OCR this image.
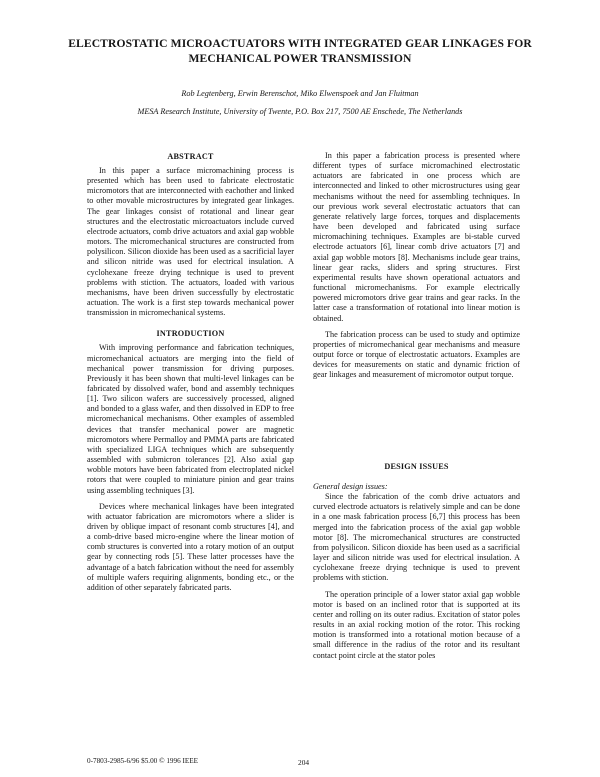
ELECTROSTATIC MICROACTUATORS WITH INTEGRATED GEAR LINKAGES FOR MECHANICAL POWER TRANSMISSION
Rob Legtenberg, Erwin Berenschot, Miko Elwenspoek and Jan Fluitman
MESA Research Institute, University of Twente, P.O. Box 217, 7500 AE Enschede, The Netherlands
ABSTRACT

In this paper a surface micromachining process is presented which has been used to fabricate electrostatic micromotors that are interconnected with eachother and linked to other movable microstructures by integrated gear linkages. The gear linkages consist of rotational and linear gear structures and the electrostatic microactuators include curved electrode actuators, comb drive actuators and axial gap wobble motors. The micromechanical structures are constructed from polysilicon. Silicon dioxide has been used as a sacrificial layer and silicon nitride was used for electrical insulation. A cyclohexane freeze drying technique is used to prevent problems with stiction. The actuators, loaded with various mechanisms, have been driven successfully by electrostatic actuation. The work is a first step towards mechanical power transmission in micromechanical systems.

INTRODUCTION

With improving performance and fabrication techniques, micromechanical actuators are merging into the field of mechanical power transmission for driving purposes. Previously it has been shown that multi-level linkages can be fabricated by dissolved wafer, bond and assembly techniques [1]. Two silicon wafers are successively processed, aligned and bonded to a glass wafer, and then dissolved in EDP to free micromechanical mechanisms. Other examples of assembled devices that transfer mechanical power are magnetic micromotors where Permalloy and PMMA parts are fabricated with specialized LIGA techniques which are subsequently assembled with submicron tolerances [2]. Also axial gap wobble motors have been fabricated from electroplated nickel rotors that were coupled to miniature pinion and gear trains using assembling techniques [3].

Devices where mechanical linkages have been integrated with actuator fabrication are micromotors where a slider is driven by oblique impact of resonant comb structures [4], and a comb-drive based micro-engine where the linear motion of comb structures is converted into a rotary motion of an output gear by connecting rods [5]. These latter processes have the advantage of a batch fabrication without the need for assembly of multiple wafers requiring alignments, bonding etc., or the addition of other separately fabricated parts.

In this paper a fabrication process is presented where different types of surface micromachined electrostatic actuators are fabricated in one process which are interconnected and linked to other microstructures using gear mechanisms without the need for assembling techniques. In our previous work several electrostatic actuators that can generate relatively large forces, torques and displacements have been developed and fabricated using surface micromachining techniques. Examples are bi-stable curved electrode actuators [6], linear comb drive actuators [7] and axial gap wobble motors [8]. Mechanisms include gear trains, linear gear racks, sliders and spring structures. First experimental results have shown operational actuators and functional micromechanisms. For example electrically powered micromotors drive gear trains and gear racks. In the latter case a transformation of rotational into linear motion is obtained.

The fabrication process can be used to study and optimize properties of micromechanical gear mechanisms and measure output force or torque of electrostatic actuators. Examples are devices for measurements on static and dynamic friction of gear linkages and measurement of micromotor output torque.

DESIGN ISSUES
General design issues:

Since the fabrication of the comb drive actuators and curved electrode actuators is relatively simple and can be done in a one mask fabrication process [6,7] this process has been merged into the fabrication process of the axial gap wobble motor [8]. The micromechanical structures are constructed from polysilicon. Silicon dioxide has been used as a sacrificial layer and silicon nitride was used for electrical insulation. A cyclohexane freeze drying technique is used to prevent problems with stiction.

The operation principle of a lower stator axial gap wobble motor is based on an inclined rotor that is supported at its center and rolling on its outer radius. Excitation of stator poles results in an axial rocking motion of the rotor. This rocking motion is transformed into a rotational motion because of a small difference in the radius of the rotor and its resultant contact point circle at the stator poles

0-7803-2985-6/96 $5.00 © 1996 IEEE	204
